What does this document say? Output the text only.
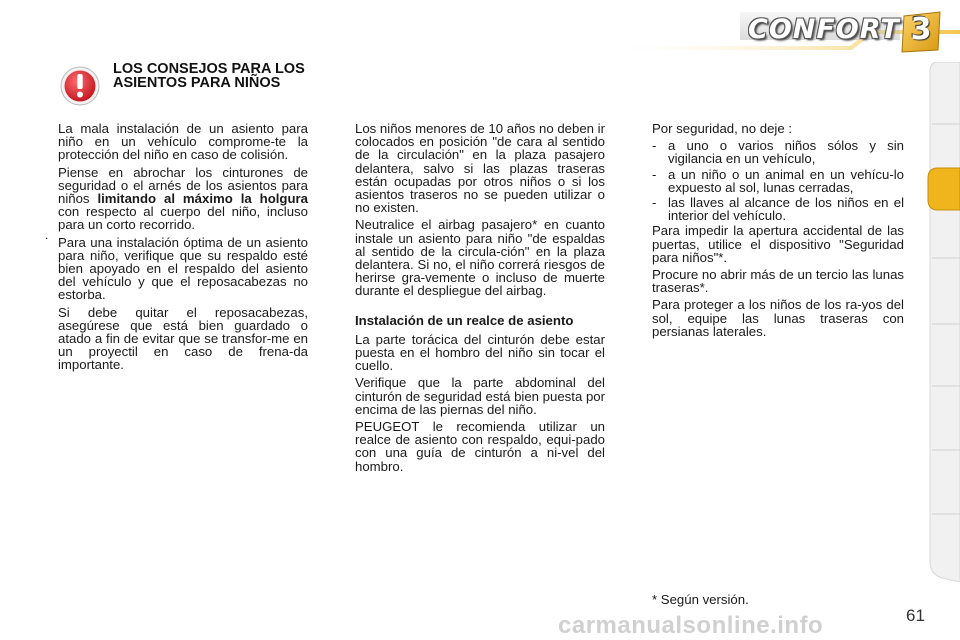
CONFORT 3
LOS CONSEJOS PARA LOS ASIENTOS PARA NIÑOS
.

La mala instalación de un asiento para niño en un vehículo comprome-te la protección del niño en caso de colisión.

Piense en abrochar los cinturones de seguridad o el arnés de los asientos para niños limitando al máximo la holgura con respecto al cuerpo del niño, incluso para un corto recorrido.

Para una instalación óptima de un asiento para niño, verifique que su respaldo esté bien apoyado en el respaldo del asiento del vehículo y que el reposacabezas no estorba.

Si debe quitar el reposacabezas, asegúrese que está bien guardado o atado a fin de evitar que se transfor-me en un proyectil en caso de frena-da importante.

Los niños menores de 10 años no deben ir colocados en posición "de cara al sentido de la circulación" en la plaza pasajero delantera, salvo si las plazas traseras están ocupadas por otros niños o si los asientos traseros no se pueden utilizar o no existen.

Neutralice el airbag pasajero* en cuanto instale un asiento para niño "de espaldas al sentido de la circula-ción" en la plaza delantera. Si no, el niño correrá riesgos de herirse gra-vemente o incluso de muerte durante el despliegue del airbag.

Instalación de un realce de asiento

La parte torácica del cinturón debe estar puesta en el hombro del niño sin tocar el cuello.

Verifique que la parte abdominal del cinturón de seguridad está bien puesta por encima de las piernas del niño.

PEUGEOT le recomienda utilizar un realce de asiento con respaldo, equi-pado con una guía de cinturón a ni-vel del hombro.

Por seguridad, no deje :

- a uno o varios niños sólos y sin vigilancia en un vehículo,
- a un niño o un animal en un vehícu-lo expuesto al sol, lunas cerradas,
- las llaves al alcance de los niños en el interior del vehículo.

Para impedir la apertura accidental de las puertas, utilice el dispositivo "Seguridad para niños"*.

Procure no abrir más de un tercio las lunas traseras*.

Para proteger a los niños de los ra-yos del sol, equipe las lunas traseras con persianas laterales.

* Según versión.
carmanualsonline.info	61
